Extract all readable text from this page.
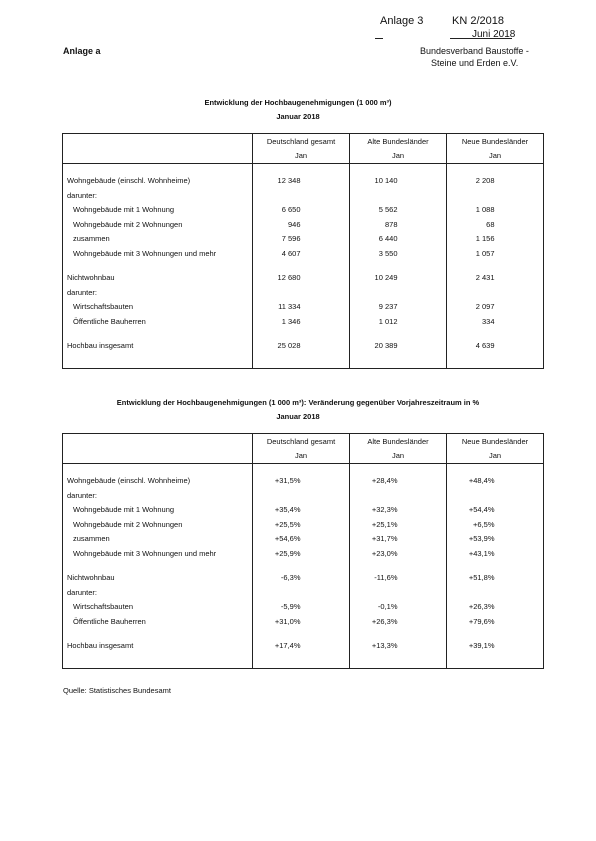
Anlage 3	KN 2/2018
Juni 2018
Anlage a	Bundesverband Baustoffe -
Steine und Erden e.V.
Entwicklung der Hochbaugenehmigungen (1 000 m³)
Januar 2018
	Deutschland gesamt		Alte Bundesländer		Neue Bundesländer	
	Jan		Jan		Jan	

Wohngebäude (einschl. Wohnheime)	12 348		10 140		2 208	
darunter:						
Wohngebäude mit 1 Wohnung	6 650		5 562		1 088	
Wohngebäude mit 2 Wohnungen	946		878		68	
zusammen	7 596		6 440		1 156	
Wohngebäude mit 3 Wohnungen und mehr	4 607		3 550		1 057	

Nichtwohnbau	12 680		10 249		2 431	
darunter:						
Wirtschaftsbauten	11 334		9 237		2 097	
Öffentliche Bauherren	1 346		1 012		334	

Hochbau insgesamt	25 028		20 389		4 639	

Entwicklung der Hochbaugenehmigungen (1 000 m³): Veränderung gegenüber Vorjahreszeitraum in %
Januar 2018
	Deutschland gesamt		Alte Bundesländer		Neue Bundesländer	
	Jan		Jan		Jan	

Wohngebäude (einschl. Wohnheime)	+31,5%		+28,4%		+48,4%	
darunter:						
Wohngebäude mit 1 Wohnung	+35,4%		+32,3%		+54,4%	
Wohngebäude mit 2 Wohnungen	+25,5%		+25,1%		+6,5%	
zusammen	+54,6%		+31,7%		+53,9%	
Wohngebäude mit 3 Wohnungen und mehr	+25,9%		+23,0%		+43,1%	

Nichtwohnbau	-6,3%		-11,6%		+51,8%	
darunter:						
Wirtschaftsbauten	-5,9%		-0,1%		+26,3%	
Öffentliche Bauherren	+31,0%		+26,3%		+79,6%	

Hochbau insgesamt	+17,4%		+13,3%		+39,1%	

Quelle: Statistisches Bundesamt
